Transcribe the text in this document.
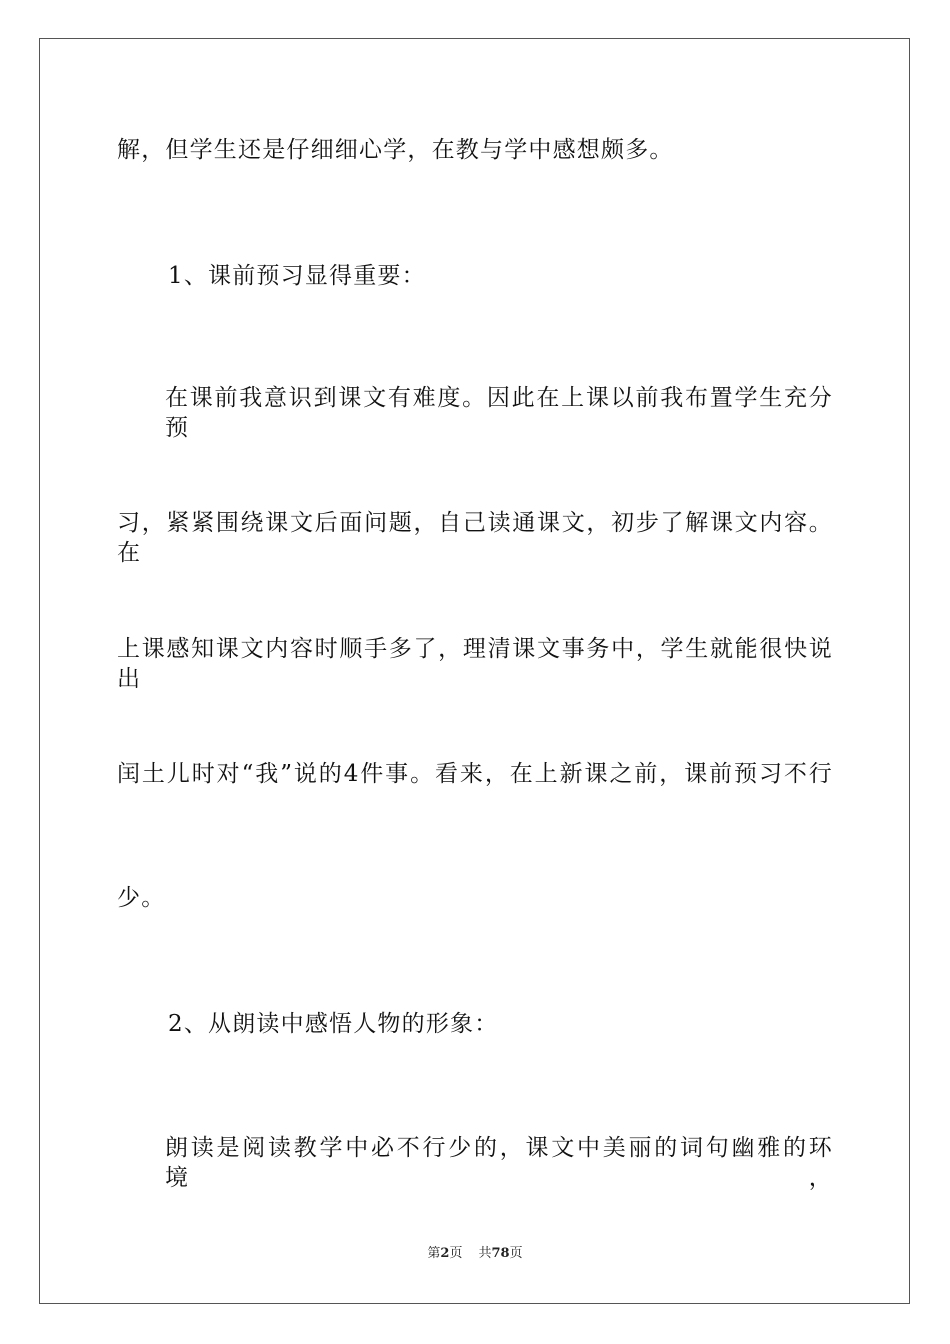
解，但学生还是仔细细心学，在教与学中感想颇多。
1、课前预习显得重要：
在课前我意识到课文有难度。因此在上课以前我布置学生充分预
习，紧紧围绕课文后面问题，自己读通课文，初步了解课文内容。在
上课感知课文内容时顺手多了，理清课文事务中，学生就能很快说出
闰土儿时对“我”说的4件事。看来，在上新课之前，课前预习不行
少。
2、从朗读中感悟人物的形象：
朗读是阅读教学中必不行少的，课文中美丽的词句幽雅的环境，
第2页 共78页
